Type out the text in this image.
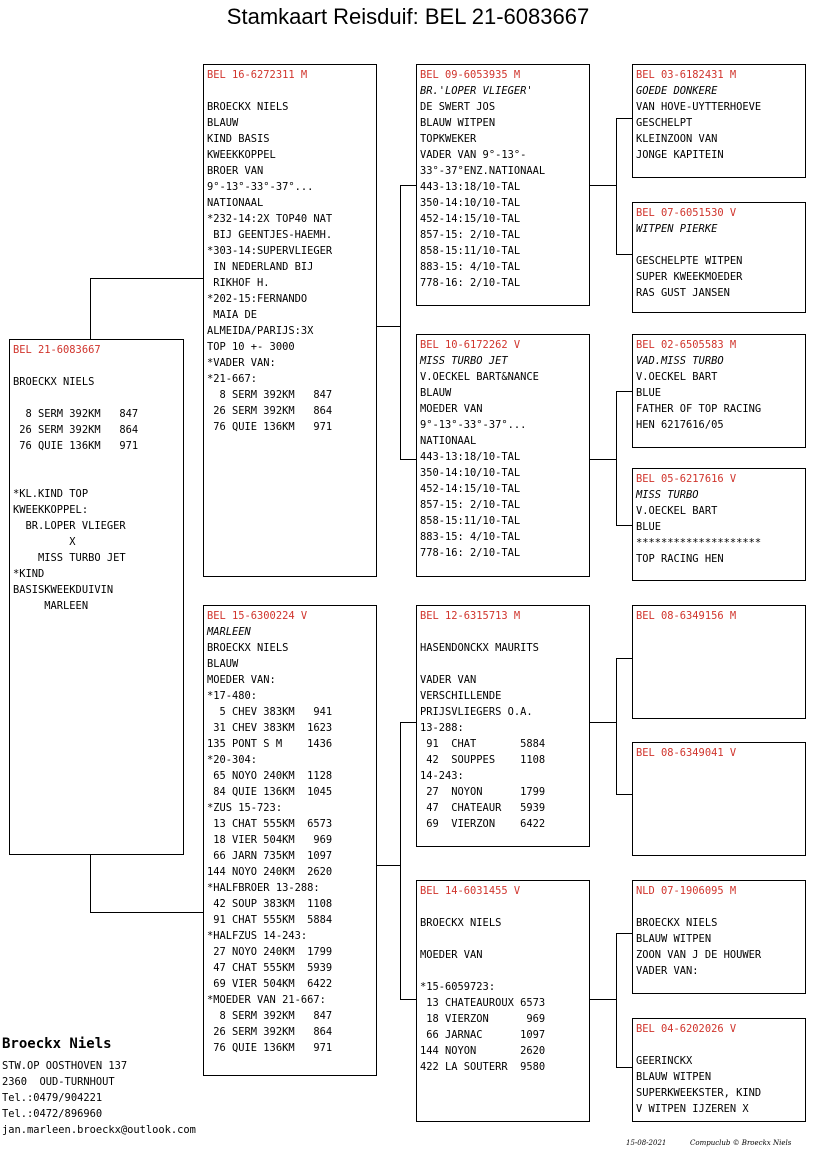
Stamkaart Reisduif: BEL 21-6083667
BEL 21-6083667
BROECKX NIELS
8 SERM 392KM   847
26 SERM 392KM   864
76 QUIE 136KM   971
*KL.KIND TOP
KWEEKKOPPEL:
BR.LOPER VLIEGER
X
MISS TURBO JET
*KIND
BASISKWEEKDUIVIN
MARLEEN
BEL 16-6272311 M
BROECKX NIELS
BLAUW
KIND BASIS
KWEEKKOPPEL
BROER VAN
9°-13°-33°-37°...
NATIONAAL
*232-14:2X TOP40 NAT
BIJ GEENTJES-HAEMH.
*303-14:SUPERVLIEGER
IN NEDERLAND BIJ
RIKHOF H.
*202-15:FERNANDO
MAIA DE
ALMEIDA/PARIJS:3X
TOP 10 +- 3000
*VADER VAN:
*21-667:
8 SERM 392KM   847
26 SERM 392KM   864
76 QUIE 136KM   971
BEL 15-6300224 V
MARLEEN
BROECKX NIELS
BLAUW
MOEDER VAN:
*17-480:
5 CHEV 383KM   941
31 CHEV 383KM  1623
135 PONT S M    1436
*20-304:
65 NOYO 240KM  1128
84 QUIE 136KM  1045
*ZUS 15-723:
13 CHAT 555KM  6573
18 VIER 504KM   969
66 JARN 735KM  1097
144 NOYO 240KM  2620
*HALFBROER 13-288:
42 SOUP 383KM  1108
91 CHAT 555KM  5884
*HALFZUS 14-243:
27 NOYO 240KM  1799
47 CHAT 555KM  5939
69 VIER 504KM  6422
*MOEDER VAN 21-667:
8 SERM 392KM   847
26 SERM 392KM   864
76 QUIE 136KM   971
BEL 09-6053935 M
BR.'LOPER VLIEGER'
DE SWERT JOS
BLAUW WITPEN
TOPKWEKER
VADER VAN 9°-13°-
33°-37°ENZ.NATIONAAL
443-13:18/10-TAL
350-14:10/10-TAL
452-14:15/10-TAL
857-15: 2/10-TAL
858-15:11/10-TAL
883-15: 4/10-TAL
778-16: 2/10-TAL
BEL 10-6172262 V
MISS TURBO JET
V.OECKEL BART&NANCE
BLAUW
MOEDER VAN
9°-13°-33°-37°...
NATIONAAL
443-13:18/10-TAL
350-14:10/10-TAL
452-14:15/10-TAL
857-15: 2/10-TAL
858-15:11/10-TAL
883-15: 4/10-TAL
778-16: 2/10-TAL
BEL 12-6315713 M
HASENDONCKX MAURITS
VADER VAN
VERSCHILLENDE
PRIJSVLIEGERS O.A.
13-288:
91  CHAT       5884
42  SOUPPES    1108
14-243:
27  NOYON      1799
47  CHATEAUR   5939
69  VIERZON    6422
BEL 14-6031455 V
BROECKX NIELS
MOEDER VAN
*15-6059723:
13 CHATEAUROUX 6573
18 VIERZON      969
66 JARNAC      1097
144 NOYON       2620
422 LA SOUTERR  9580
BEL 03-6182431 M
GOEDE DONKERE
VAN HOVE-UYTTERHOEVE
GESCHELPT
KLEINZOON VAN
JONGE KAPITEIN
BEL 07-6051530 V
WITPEN PIERKE
GESCHELPTE WITPEN
SUPER KWEEKMOEDER
RAS GUST JANSEN
BEL 02-6505583 M
VAD.MISS TURBO
V.OECKEL BART
BLUE
FATHER OF TOP RACING
HEN 6217616/05
BEL 05-6217616 V
MISS TURBO
V.OECKEL BART
BLUE
********************
TOP RACING HEN
BEL 08-6349156 M
BEL 08-6349041 V
NLD 07-1906095 M
BROECKX NIELS
BLAUW WITPEN
ZOON VAN J DE HOUWER
VADER VAN:
BEL 04-6202026 V
GEERINCKX
BLAUW WITPEN
SUPERKWEEKSTER, KIND
V WITPEN IJZEREN X
Broeckx Niels
STW.OP OOSTHOVEN 137
2360  OUD-TURNHOUT
Tel.:0479/904221
Tel.:0472/896960
jan.marleen.broeckx@outlook.com
15-08-2021	Compuclub © Broeckx Niels
